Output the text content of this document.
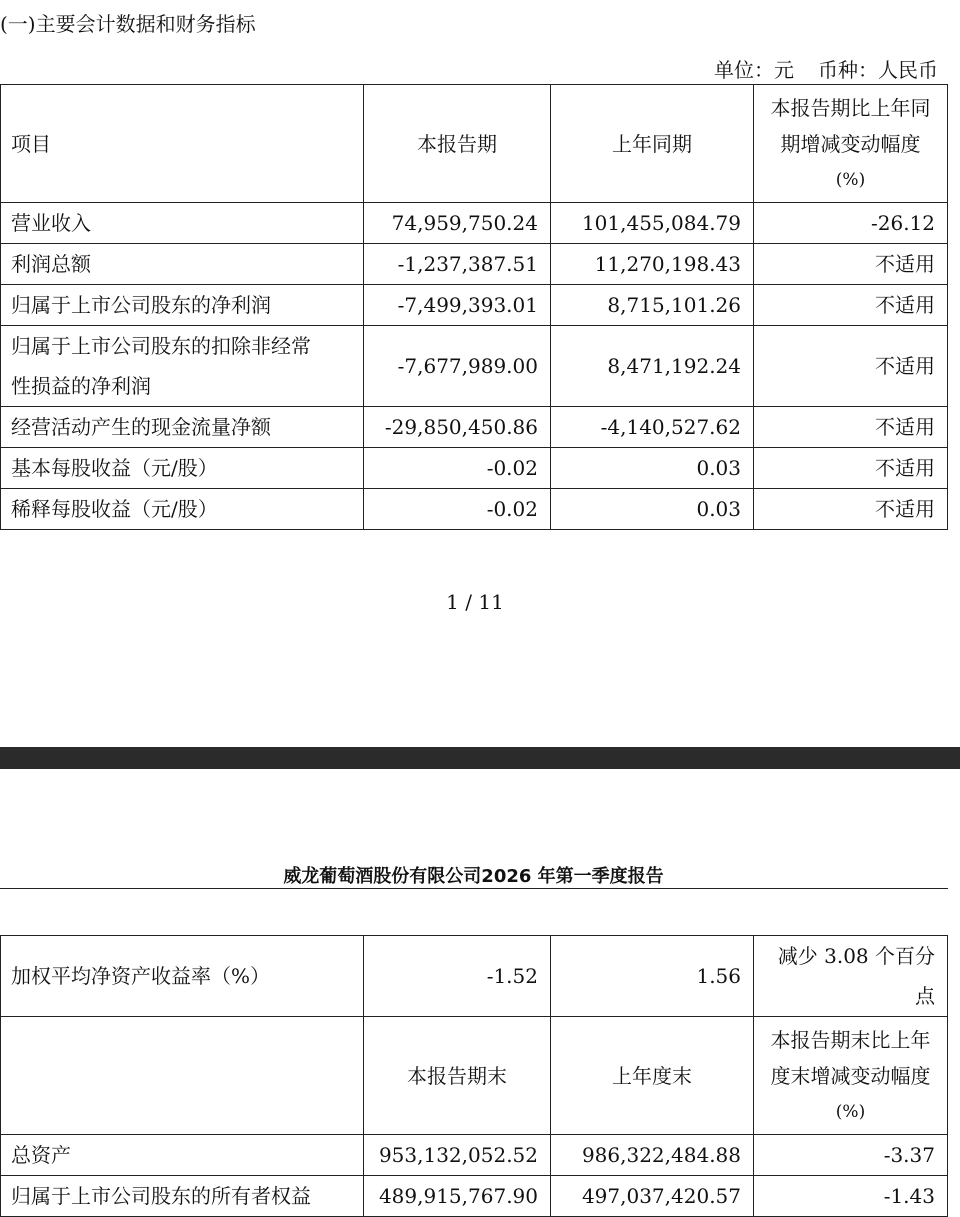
(一)主要会计数据和财务指标
单位：元 币种：人民币
项目	本报告期	上年同期	本报告期比上年同
期增减变动幅度
(%)

营业收入	74,959,750.24	101,455,084.79	-26.12
利润总额	-1,237,387.51	11,270,198.43	不适用
归属于上市公司股东的净利润	-7,499,393.01	8,715,101.26	不适用

归属于上市公司股东的扣除非经常
性损益的净利润	-7,677,989.00	8,471,192.24	不适用
经营活动产生的现金流量净额	-29,850,450.86	-4,140,527.62	不适用
基本每股收益（元/股）	-0.02	0.03	不适用
稀释每股收益（元/股）	-0.02	0.03	不适用
1 / 11
威龙葡萄酒股份有限公司2026 年第一季度报告
加权平均净资产收益率（%）	-1.52	1.56	减少 3.08 个百分
点

	本报告期末	上年度末	本报告期末比上年
度末增减变动幅度
(%)

总资产	953,132,052.52	986,322,484.88	-3.37
归属于上市公司股东的所有者权益	489,915,767.90	497,037,420.57	-1.43
